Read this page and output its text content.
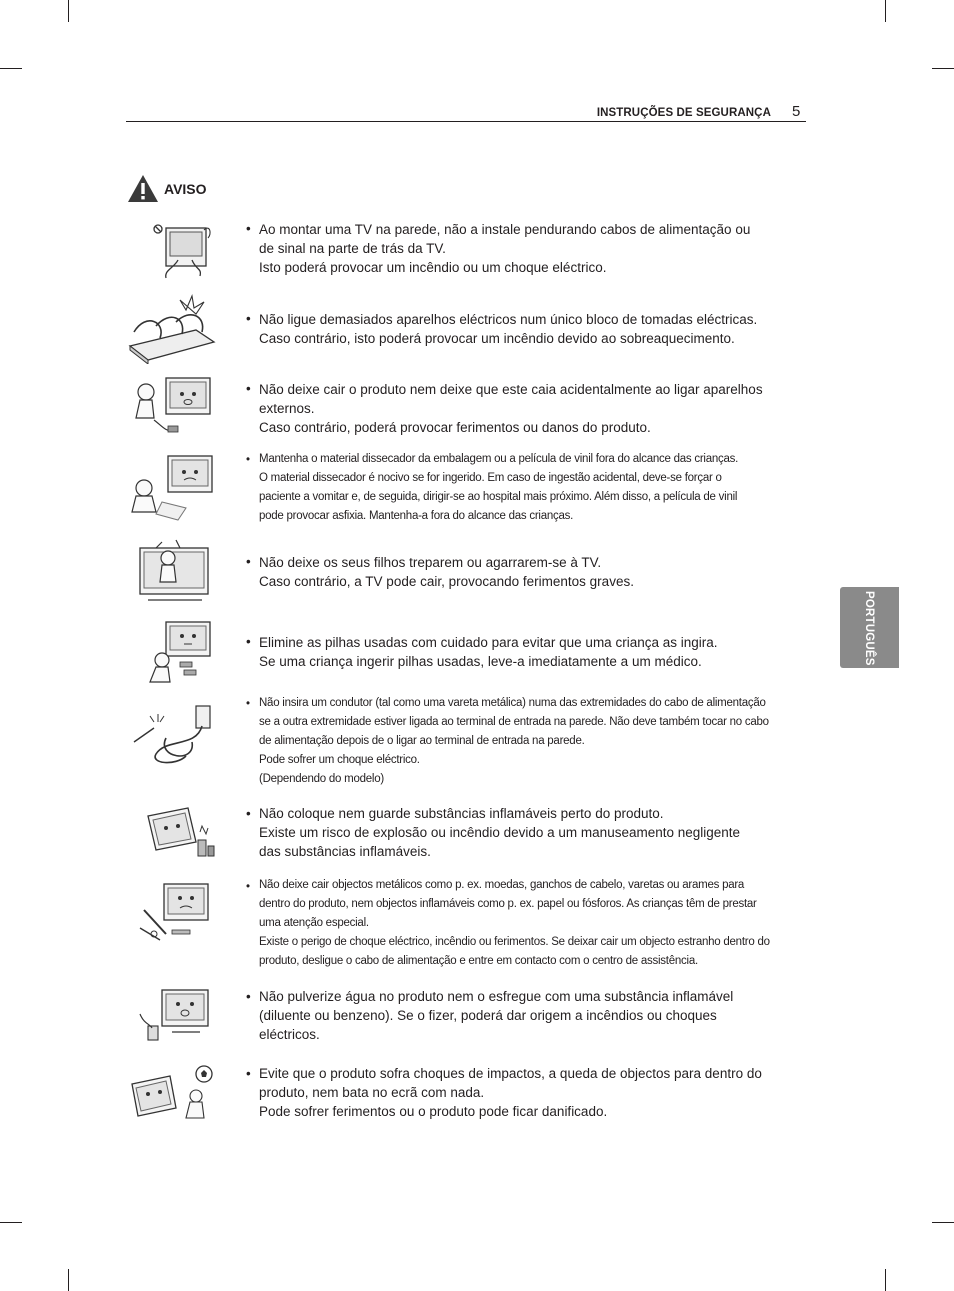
INSTRUÇÕES DE SEGURANÇA 5
AVISO
PORTUGUÊS
• Ao montar uma TV na parede, não a instale pendurando cabos de alimentação ou

de sinal na parte de trás da TV.

Isto poderá provocar um incêndio ou um choque eléctrico.

• Não ligue demasiados aparelhos eléctricos num único bloco de tomadas eléctricas.

Caso contrário, isto poderá provocar um incêndio devido ao sobreaquecimento.

• Não deixe cair o produto nem deixe que este caia acidentalmente ao ligar aparelhos

externos.

Caso contrário, poderá provocar ferimentos ou danos do produto.

• Mantenha o material dissecador da embalagem ou a película de vinil fora do alcance das crianças.

O material dissecador é nocivo se for ingerido. Em caso de ingestão acidental, deve-se forçar o

paciente a vomitar e, de seguida, dirigir-se ao hospital mais próximo. Além disso, a película de vinil

pode provocar asfixia. Mantenha-a fora do alcance das crianças.

• Não deixe os seus filhos treparem ou agarrarem-se à TV.

Caso contrário, a TV pode cair, provocando ferimentos graves.

• Elimine as pilhas usadas com cuidado para evitar que uma criança as ingira.

Se uma criança ingerir pilhas usadas, leve-a imediatamente a um médico.

• Não insira um condutor (tal como uma vareta metálica) numa das extremidades do cabo de alimentação

se a outra extremidade estiver ligada ao terminal de entrada na parede. Não deve também tocar no cabo

de alimentação depois de o ligar ao terminal de entrada na parede.

Pode sofrer um choque eléctrico.

(Dependendo do modelo)

• Não coloque nem guarde substâncias inflamáveis perto do produto.

Existe um risco de explosão ou incêndio devido a um manuseamento negligente

das substâncias inflamáveis.

• Não deixe cair objectos metálicos como p. ex. moedas, ganchos de cabelo, varetas ou arames para

dentro do produto, nem objectos inflamáveis como p. ex. papel ou fósforos. As crianças têm de prestar

uma atenção especial.

Existe o perigo de choque eléctrico, incêndio ou ferimentos. Se deixar cair um objecto estranho dentro do

produto, desligue o cabo de alimentação e entre em contacto com o centro de assistência.

• Não pulverize água no produto nem o esfregue com uma substância inflamável

(diluente ou benzeno). Se o fizer, poderá dar origem a incêndios ou choques

eléctricos.

• Evite que o produto sofra choques de impactos, a queda de objectos para dentro do

produto, nem bata no ecrã com nada.

Pode sofrer ferimentos ou o produto pode ficar danificado.
